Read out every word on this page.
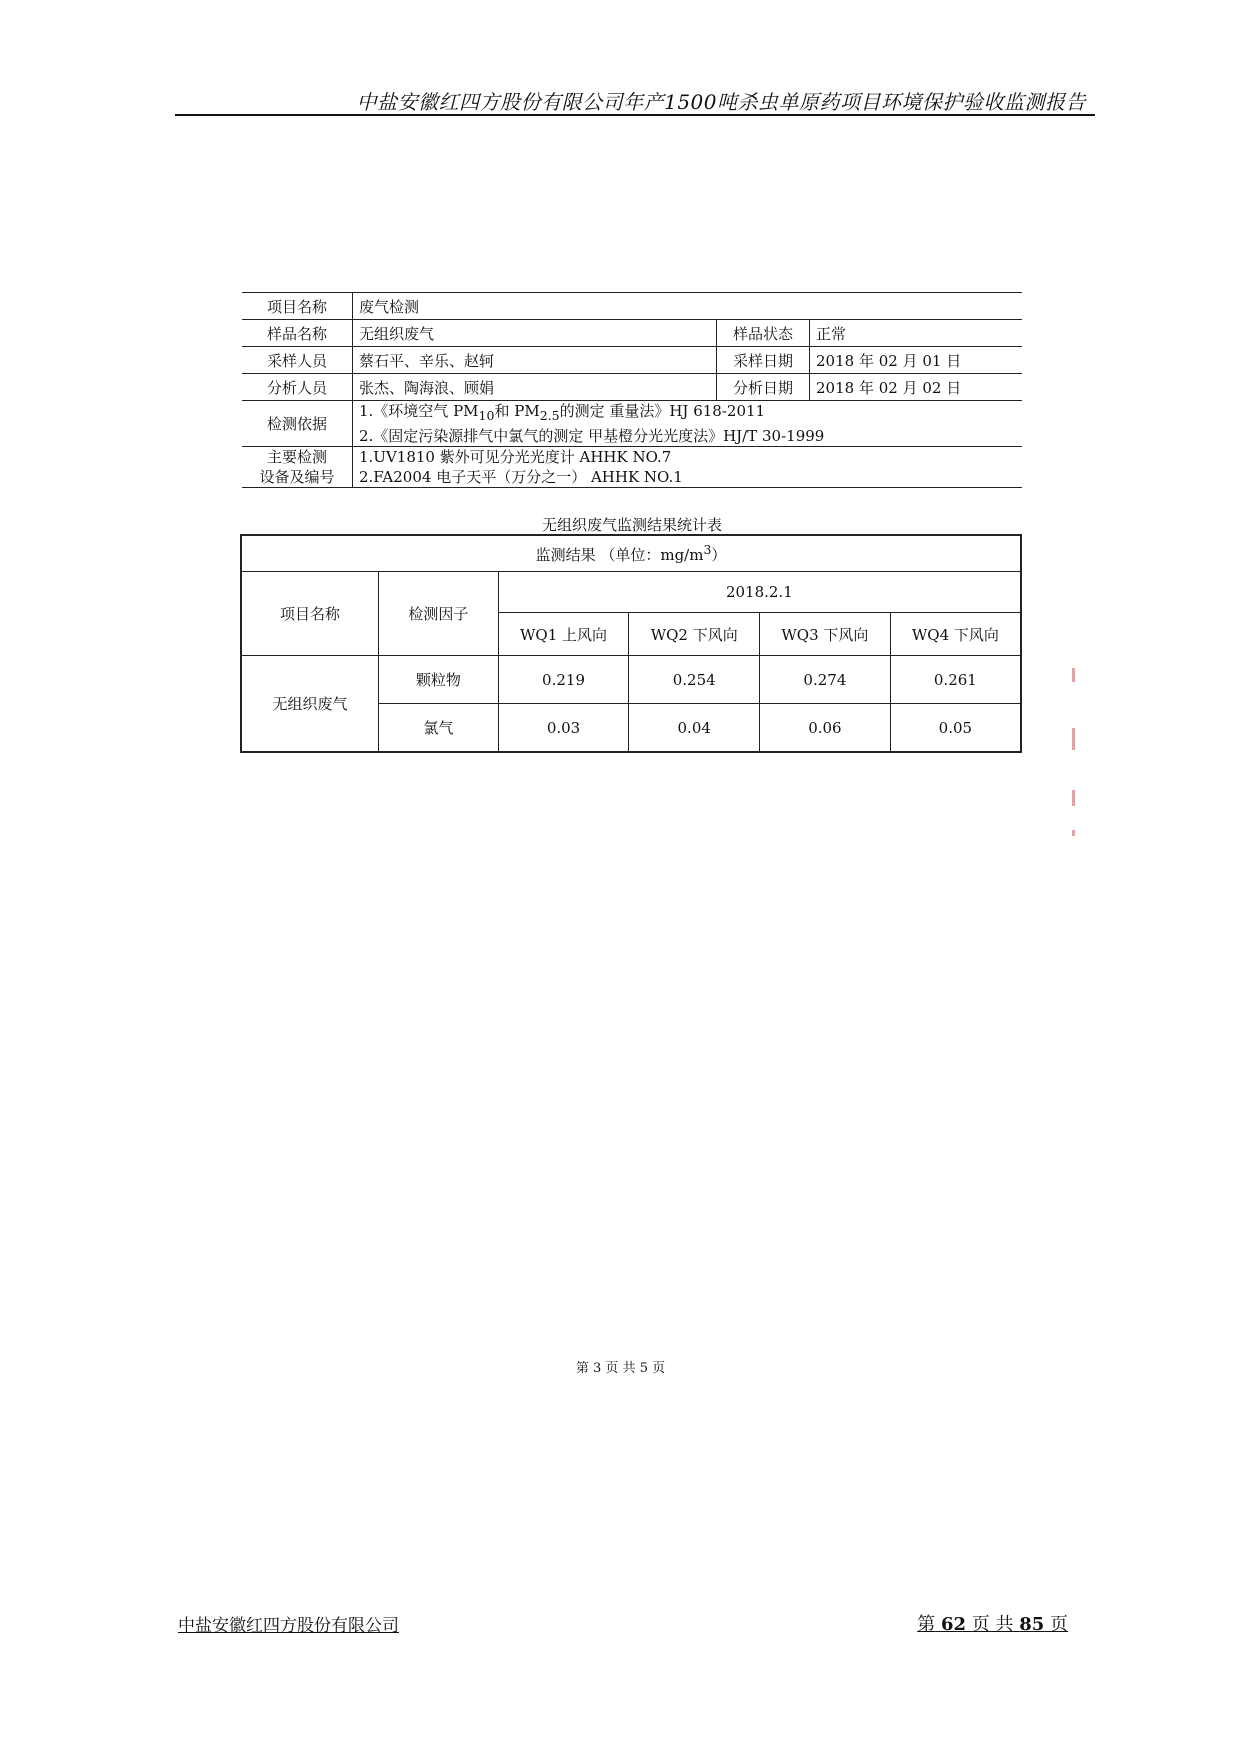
中盐安徽红四方股份有限公司年产1500吨杀虫单原药项目环境保护验收监测报告
项目名称	废气检测		
样品名称	无组织废气	样品状态	正常
采样人员	蔡石平、辛乐、赵轲	采样日期	2018 年 02 月 01 日
分析人员	张杰、陶海浪、顾娟	分析日期	2018 年 02 月 02 日
检测依据	1.《环境空气 $PM_{10}$和 $PM_{2.5}$的测定 重量法》HJ 618-2011
2.《固定污染源排气中氯气的测定 甲基橙分光光度法》HJ/T 30-1999		

主要检测
设备及编号	1.UV1810 紫外可见分光光度计 AHHK NO.7
2.FA2004 电子天平（万分之一） AHHK NO.1		
无组织废气监测结果统计表
监测结果 （单位：$mg/m^3$）					
项目名称	检测因子	2018.2.1			
		WQ1 上风向	WQ2 下风向	WQ3 下风向	WQ4 下风向
无组织废气	颗粒物	0.219	0.254	0.274	0.261
	氯气	0.03	0.04	0.06	0.05
第 3 页 共 5 页
中盐安徽红四方股份有限公司	第 62 页 共 85 页
